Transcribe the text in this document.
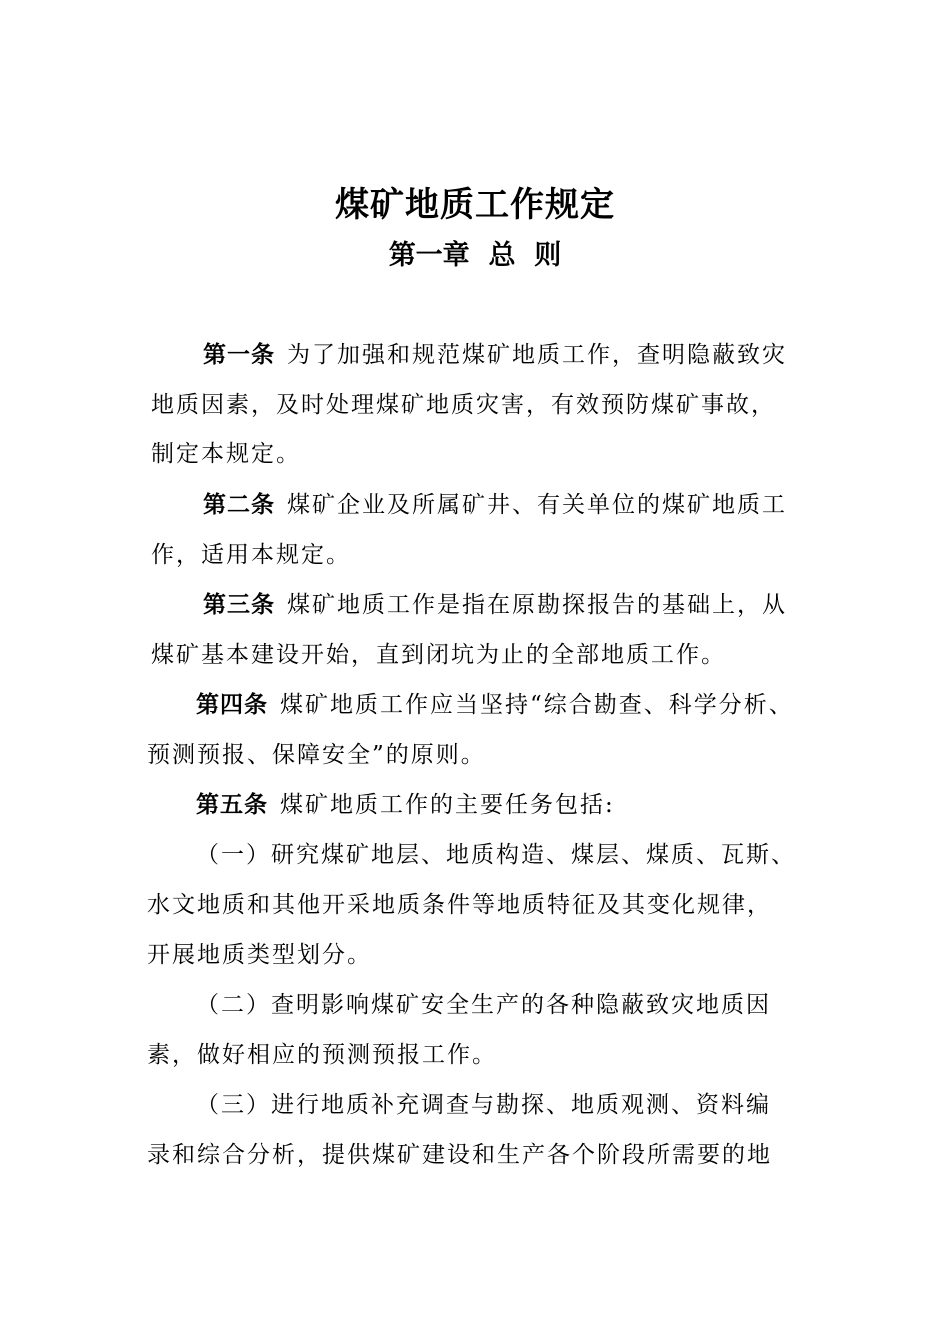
煤矿地质工作规定
第一章  总  则
第一条 为了加强和规范煤矿地质工作，查明隐蔽致灾
地质因素，及时处理煤矿地质灾害，有效预防煤矿事故，
制定本规定。
第二条 煤矿企业及所属矿井、有关单位的煤矿地质工
作，适用本规定。
第三条 煤矿地质工作是指在原勘探报告的基础上，从
煤矿基本建设开始，直到闭坑为止的全部地质工作。
第四条 煤矿地质工作应当坚持“综合勘查、科学分析、
预测预报、保障安全”的原则。
第五条 煤矿地质工作的主要任务包括:
（一）研究煤矿地层、地质构造、煤层、煤质、瓦斯、
水文地质和其他开采地质条件等地质特征及其变化规律，
开展地质类型划分。
（二）查明影响煤矿安全生产的各种隐蔽致灾地质因
素，做好相应的预测预报工作。
（三）进行地质补充调查与勘探、地质观测、资料编
录和综合分析，提供煤矿建设和生产各个阶段所需要的地
